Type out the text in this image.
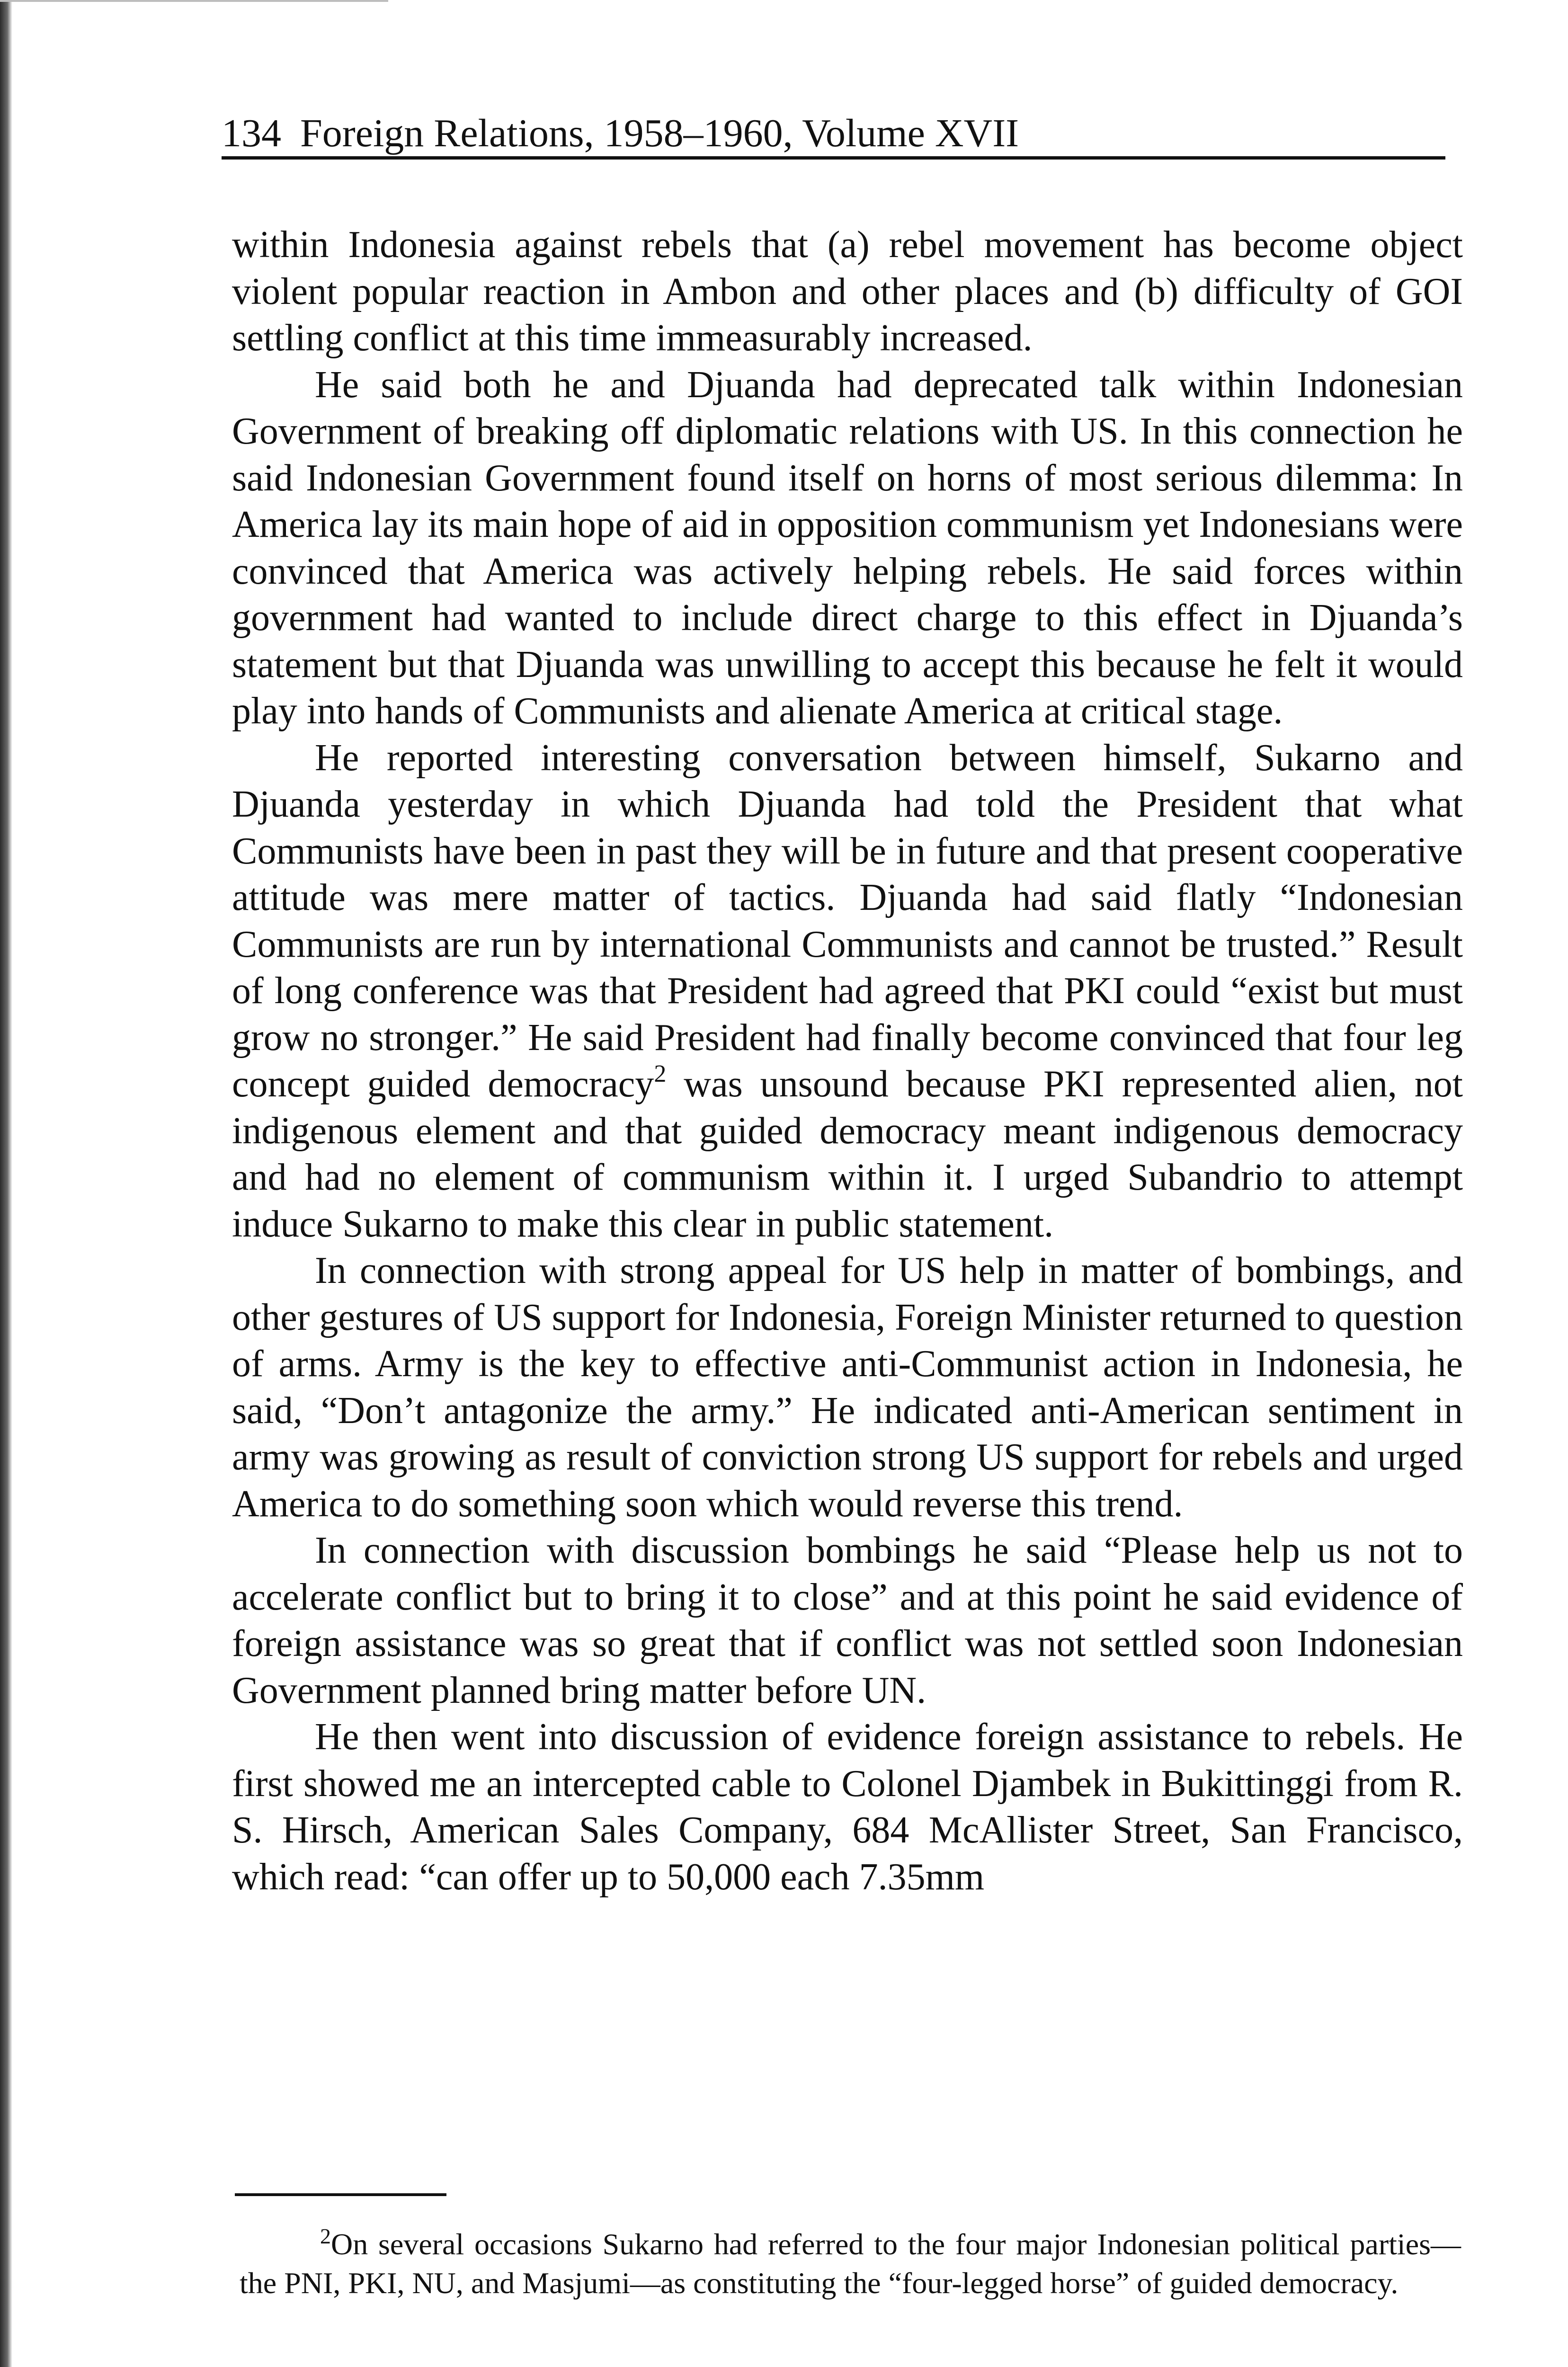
134 Foreign Relations, 1958–1960, Volume XVII

within Indonesia against rebels that (a) rebel movement has become object violent popular reaction in Ambon and other places and (b) difficulty of GOI settling conflict at this time immeasurably increased.

He said both he and Djuanda had deprecated talk within Indonesian Government of breaking off diplomatic relations with US. In this connection he said Indonesian Government found itself on horns of most serious dilemma: In America lay its main hope of aid in opposition communism yet Indonesians were convinced that America was actively helping rebels. He said forces within government had wanted to include direct charge to this effect in Djuanda’s statement but that Djuanda was unwilling to accept this because he felt it would play into hands of Communists and alienate America at critical stage.

He reported interesting conversation between himself, Sukarno and Djuanda yesterday in which Djuanda had told the President that what Communists have been in past they will be in future and that present cooperative attitude was mere matter of tactics. Djuanda had said flatly “Indonesian Communists are run by international Communists and cannot be trusted.” Result of long conference was that President had agreed that PKI could “exist but must grow no stronger.” He said President had finally become convinced that four leg concept guided democracy$^2$ was unsound because PKI represented alien, not indigenous element and that guided democracy meant indigenous democracy and had no element of communism within it. I urged Subandrio to attempt induce Sukarno to make this clear in public statement.

In connection with strong appeal for US help in matter of bombings, and other gestures of US support for Indonesia, Foreign Minister returned to question of arms. Army is the key to effective anti-Communist action in Indonesia, he said, “Don’t antagonize the army.” He indicated anti-American sentiment in army was growing as result of conviction strong US support for rebels and urged America to do something soon which would reverse this trend.

In connection with discussion bombings he said “Please help us not to accelerate conflict but to bring it to close” and at this point he said evidence of foreign assistance was so great that if conflict was not settled soon Indonesian Government planned bring matter before UN.

He then went into discussion of evidence foreign assistance to rebels. He first showed me an intercepted cable to Colonel Djambek in Bukittinggi from R. S. Hirsch, American Sales Company, 684 McAllister Street, San Francisco, which read: “can offer up to 50,000 each 7.35mm

$^2$On several occasions Sukarno had referred to the four major Indonesian political parties—the PNI, PKI, NU, and Masjumi—as constituting the “four-legged horse” of guided democracy.
